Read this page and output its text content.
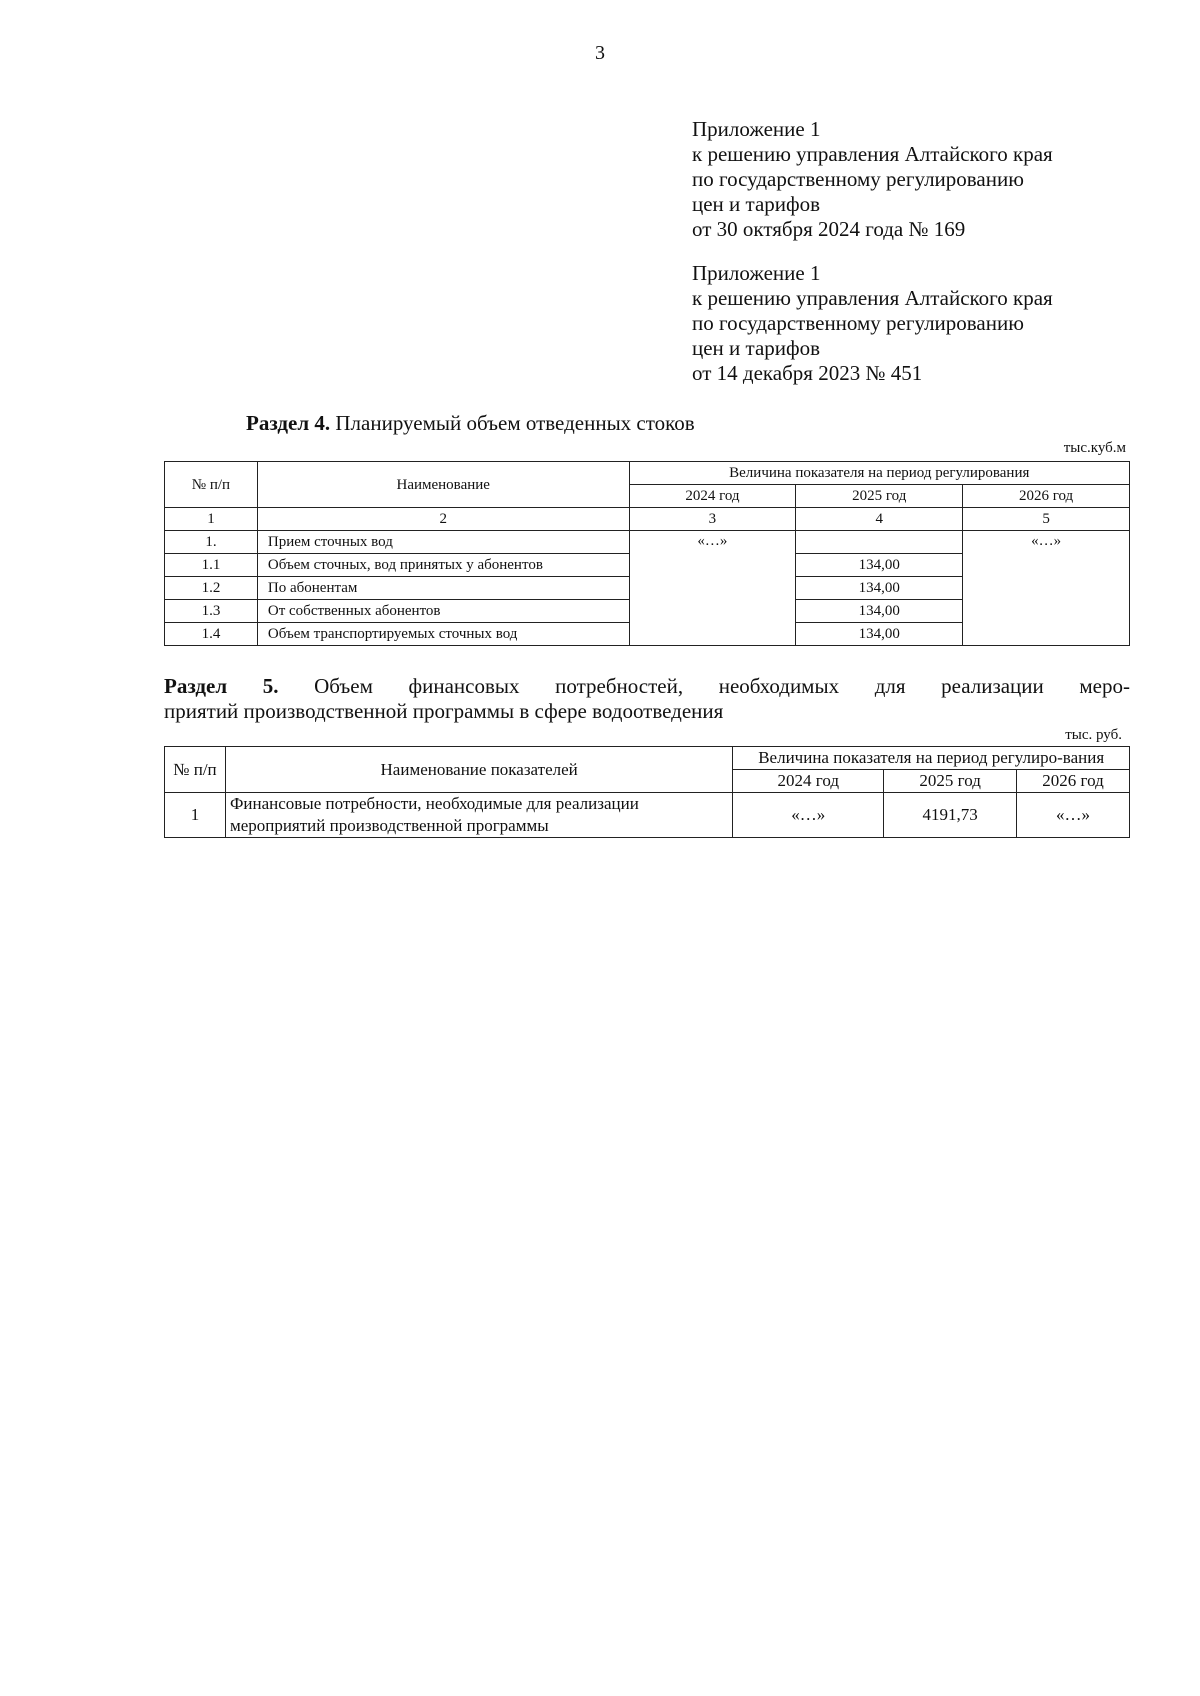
3
Приложение 1
к решению управления Алтайского края
по государственному регулированию
цен и тарифов
от 30 октября 2024 года № 169
Приложение 1
к решению управления Алтайского края
по государственному регулированию
цен и тарифов
от 14 декабря 2023 № 451
Раздел 4. Планируемый объем отведенных стоков
тыс.куб.м
№ п/п	Наименование	Величина показателя на период регулирования		
		2024 год	2025 год	2026 год
1	2	3	4	5
1.	Прием сточных вод	«…»		«…»
1.1	Объем сточных, вод принятых у абонентов		134,00	
1.2	По абонентам		134,00	
1.3	От собственных абонентов		134,00	
1.4	Объем транспортируемых сточных вод		134,00	
Раздел 5. Объем финансовых потребностей, необходимых для реализации меро-
приятий производственной программы в сфере водоотведения
тыс. руб.
№ п/п	Наименование показателей	Величина показателя на период регулиро-вания		
		2024 год	2025 год	2026 год
1	Финансовые потребности, необходимые для реализации мероприятий производственной программы	«…»	4191,73	«…»
